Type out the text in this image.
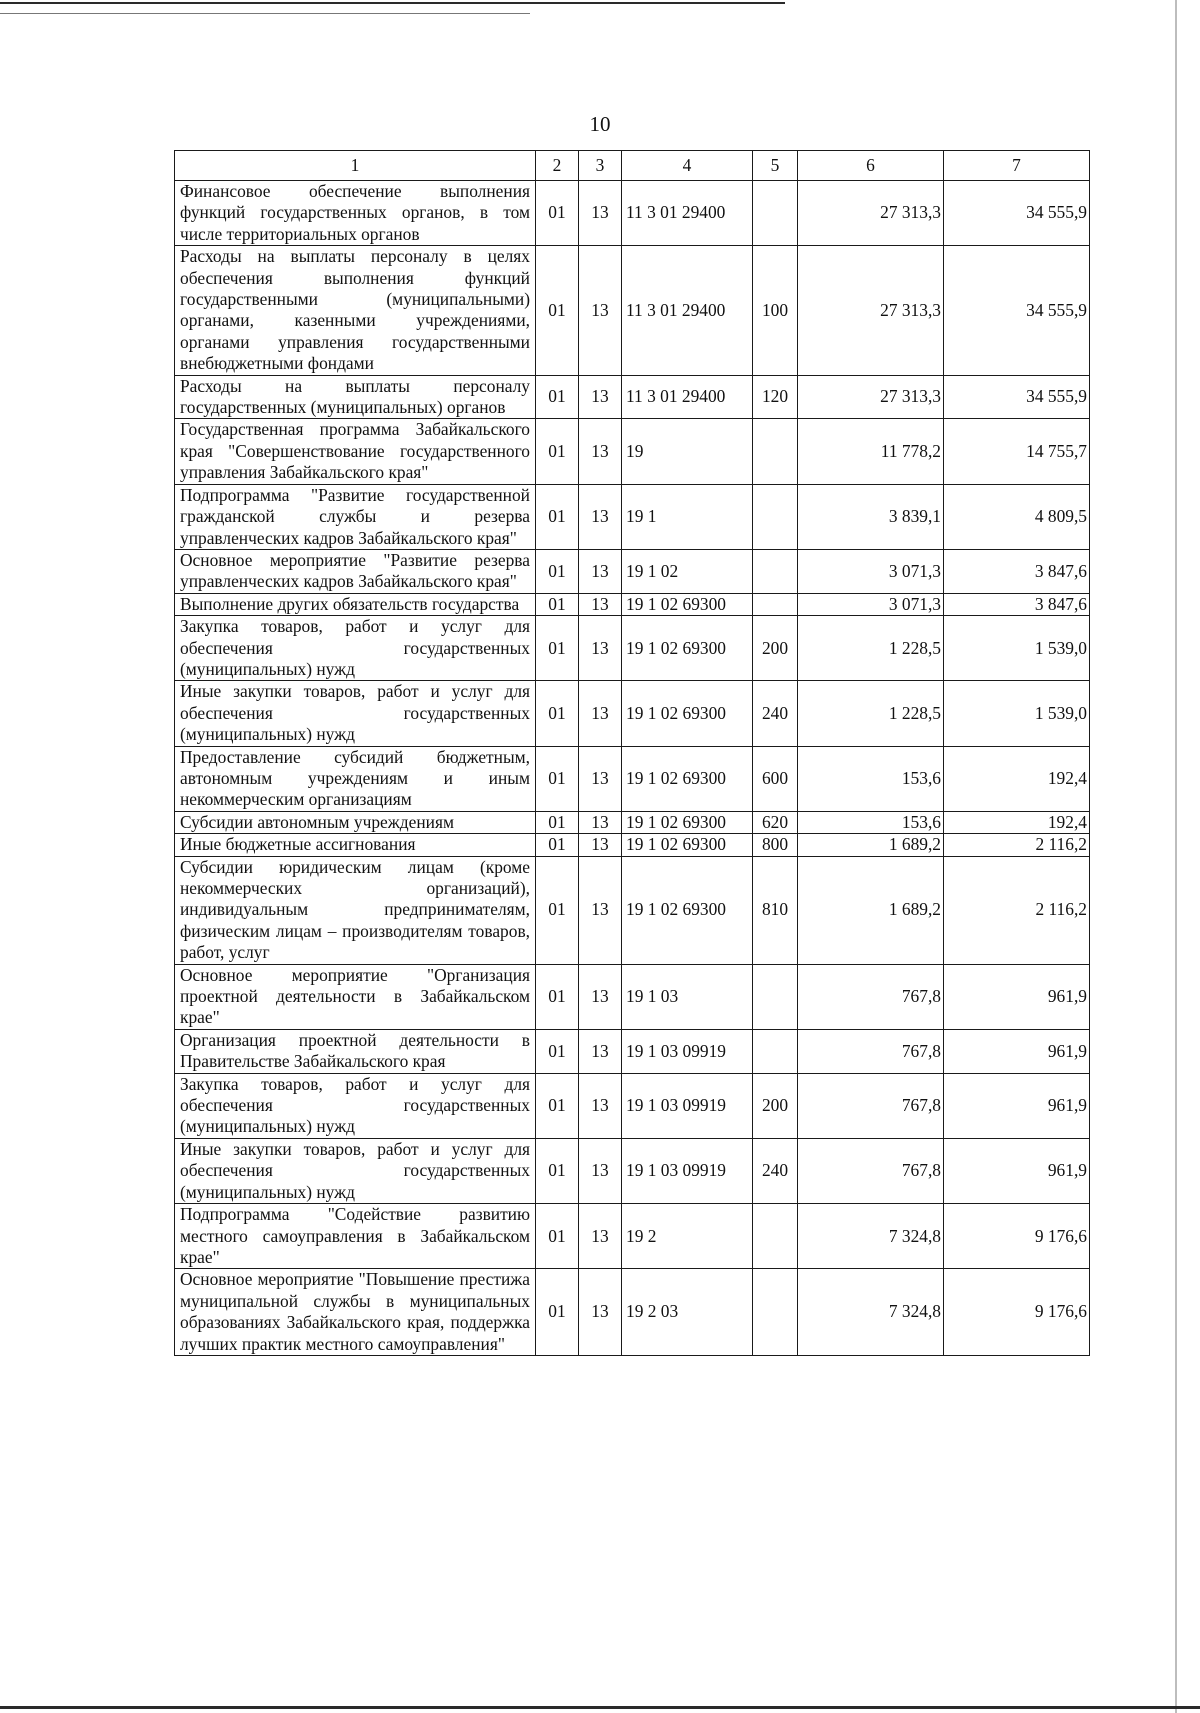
10
1	2	3	4	5	6	7
Финансовое обеспечение выполнения функций государственных органов, в том числе территориальных органов	01	13	11 3 01 29400		27 313,3	34 555,9
Расходы на выплаты персоналу в целях обеспечения выполнения функций государственными (муниципальными) органами, казенными учреждениями, органами управления государственными внебюджетными фондами	01	13	11 3 01 29400	100	27 313,3	34 555,9
Расходы на выплаты персоналу государственных (муниципальных) органов	01	13	11 3 01 29400	120	27 313,3	34 555,9
Государственная программа Забайкальского края "Совершенствование государственного управления Забайкальского края"	01	13	19		11 778,2	14 755,7
Подпрограмма "Развитие государственной гражданской службы и резерва управленческих кадров Забайкальского края"	01	13	19 1		3 839,1	4 809,5
Основное мероприятие "Развитие резерва управленческих кадров Забайкальского края"	01	13	19 1 02		3 071,3	3 847,6
Выполнение других обязательств государства	01	13	19 1 02 69300		3 071,3	3 847,6
Закупка товаров, работ и услуг для обеспечения государственных (муниципальных) нужд	01	13	19 1 02 69300	200	1 228,5	1 539,0
Иные закупки товаров, работ и услуг для обеспечения государственных (муниципальных) нужд	01	13	19 1 02 69300	240	1 228,5	1 539,0
Предоставление субсидий бюджетным, автономным учреждениям и иным некоммерческим организациям	01	13	19 1 02 69300	600	153,6	192,4
Субсидии автономным учреждениям	01	13	19 1 02 69300	620	153,6	192,4
Иные бюджетные ассигнования	01	13	19 1 02 69300	800	1 689,2	2 116,2
Субсидии юридическим лицам (кроме некоммерческих организаций), индивидуальным предпринимателям, физическим лицам – производителям товаров, работ, услуг	01	13	19 1 02 69300	810	1 689,2	2 116,2
Основное мероприятие "Организация проектной деятельности в Забайкальском крае"	01	13	19 1 03		767,8	961,9
Организация проектной деятельности в Правительстве Забайкальского края	01	13	19 1 03 09919		767,8	961,9
Закупка товаров, работ и услуг для обеспечения государственных (муниципальных) нужд	01	13	19 1 03 09919	200	767,8	961,9
Иные закупки товаров, работ и услуг для обеспечения государственных (муниципальных) нужд	01	13	19 1 03 09919	240	767,8	961,9
Подпрограмма "Содействие развитию местного самоуправления в Забайкальском крае"	01	13	19 2		7 324,8	9 176,6
Основное мероприятие "Повышение престижа муниципальной службы в муниципальных образованиях Забайкальского края, поддержка лучших практик местного самоуправления"	01	13	19 2 03		7 324,8	9 176,6
